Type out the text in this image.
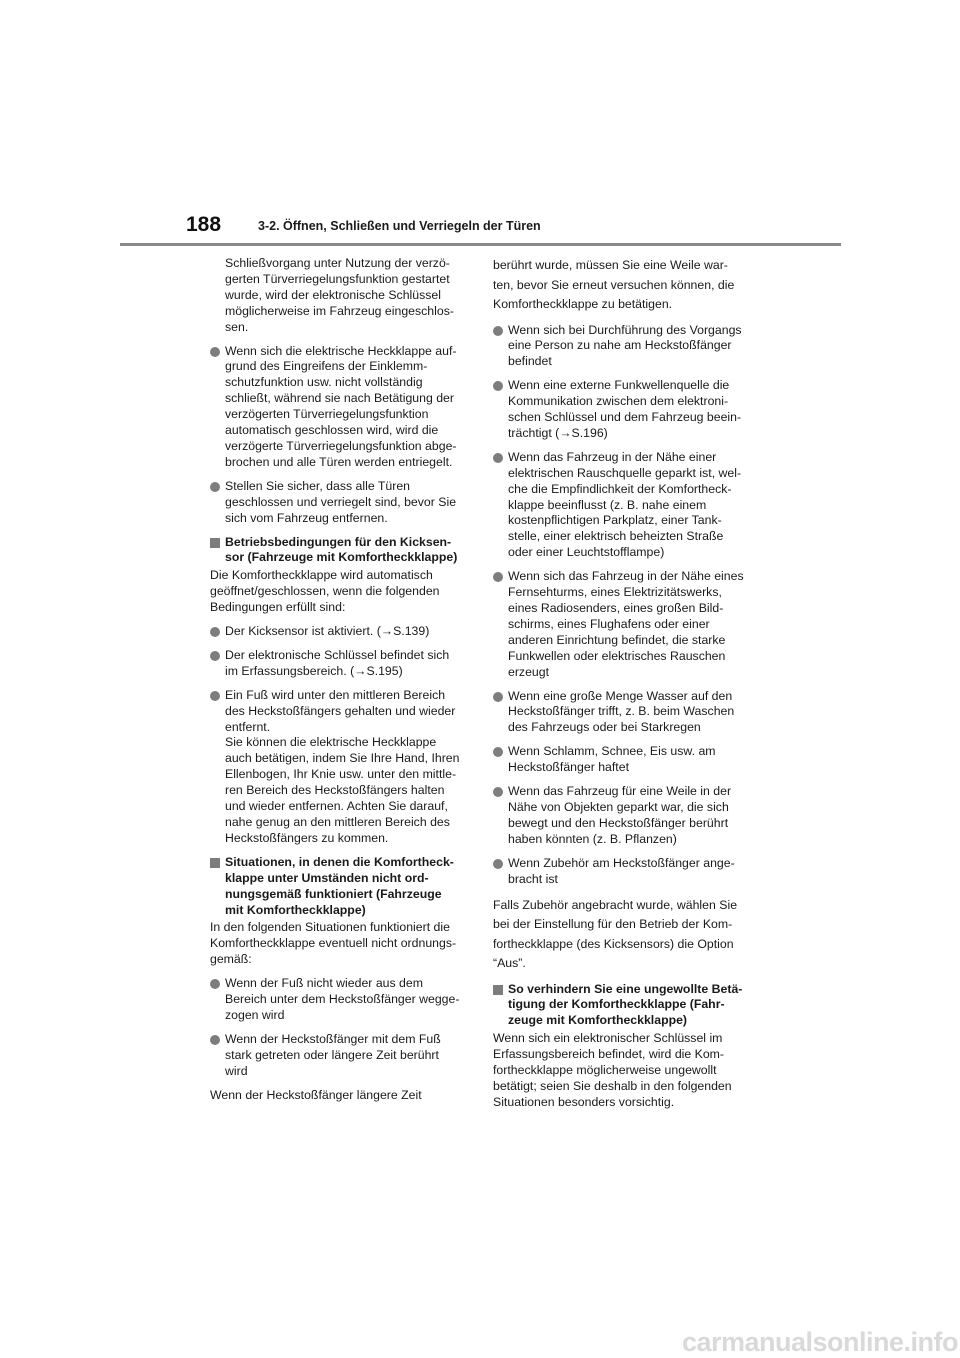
188	3-2. Öffnen, Schließen und Verriegeln der Türen

Schließvorgang unter Nutzung der verzö-
gerten Türverriegelungsfunktion gestartet
wurde, wird der elektronische Schlüssel
möglicherweise im Fahrzeug eingeschlos-
sen.

Wenn sich die elektrische Heckklappe auf-
grund des Eingreifens der Einklemm-
schutzfunktion usw. nicht vollständig
schließt, während sie nach Betätigung der
verzögerten Türverriegelungsfunktion
automatisch geschlossen wird, wird die
verzögerte Türverriegelungsfunktion abge-
brochen und alle Türen werden entriegelt.
Stellen Sie sicher, dass alle Türen
geschlossen und verriegelt sind, bevor Sie
sich vom Fahrzeug entfernen.
Betriebsbedingungen für den Kicksen-
sor (Fahrzeuge mit Komfortheckklappe)

Die Komfortheckklappe wird automatisch
geöffnet/geschlossen, wenn die folgenden
Bedingungen erfüllt sind:

Der Kicksensor ist aktiviert. (→S.139)
Der elektronische Schlüssel befindet sich
im Erfassungsbereich. (→S.195)
Ein Fuß wird unter den mittleren Bereich
des Heckstoßfängers gehalten und wieder
entfernt.
Sie können die elektrische Heckklappe
auch betätigen, indem Sie Ihre Hand, Ihren
Ellenbogen, Ihr Knie usw. unter den mittle-
ren Bereich des Heckstoßfängers halten
und wieder entfernen. Achten Sie darauf,
nahe genug an den mittleren Bereich des
Heckstoßfängers zu kommen.
Situationen, in denen die Komfortheck-
klappe unter Umständen nicht ord-
nungsgemäß funktioniert (Fahrzeuge
mit Komfortheckklappe)

In den folgenden Situationen funktioniert die
Komfortheckklappe eventuell nicht ordnungs-
gemäß:

Wenn der Fuß nicht wieder aus dem
Bereich unter dem Heckstoßfänger wegge-
zogen wird
Wenn der Heckstoßfänger mit dem Fuß
stark getreten oder längere Zeit berührt
wird

Wenn der Heckstoßfänger längere Zeit

berührt wurde, müssen Sie eine Weile war-
ten, bevor Sie erneut versuchen können, die
Komfortheckklappe zu betätigen.

Wenn sich bei Durchführung des Vorgangs
eine Person zu nahe am Heckstoßfänger
befindet
Wenn eine externe Funkwellenquelle die
Kommunikation zwischen dem elektroni-
schen Schlüssel und dem Fahrzeug beein-
trächtigt (→S.196)
Wenn das Fahrzeug in der Nähe einer
elektrischen Rauschquelle geparkt ist, wel-
che die Empfindlichkeit der Komfortheck-
klappe beeinflusst (z. B. nahe einem
kostenpflichtigen Parkplatz, einer Tank-
stelle, einer elektrisch beheizten Straße
oder einer Leuchtstofflampe)
Wenn sich das Fahrzeug in der Nähe eines
Fernsehturms, eines Elektrizitätswerks,
eines Radiosenders, eines großen Bild-
schirms, eines Flughafens oder einer
anderen Einrichtung befindet, die starke
Funkwellen oder elektrisches Rauschen
erzeugt
Wenn eine große Menge Wasser auf den
Heckstoßfänger trifft, z. B. beim Waschen
des Fahrzeugs oder bei Starkregen
Wenn Schlamm, Schnee, Eis usw. am
Heckstoßfänger haftet
Wenn das Fahrzeug für eine Weile in der
Nähe von Objekten geparkt war, die sich
bewegt und den Heckstoßfänger berührt
haben könnten (z. B. Pflanzen)
Wenn Zubehör am Heckstoßfänger ange-
bracht ist

Falls Zubehör angebracht wurde, wählen Sie
bei der Einstellung für den Betrieb der Kom-
fortheckklappe (des Kicksensors) die Option
“Aus”.

So verhindern Sie eine ungewollte Betä-
tigung der Komfortheckklappe (Fahr-
zeuge mit Komfortheckklappe)

Wenn sich ein elektronischer Schlüssel im
Erfassungsbereich befindet, wird die Kom-
fortheckklappe möglicherweise ungewollt
betätigt; seien Sie deshalb in den folgenden
Situationen besonders vorsichtig.

carmanualsonline.info
